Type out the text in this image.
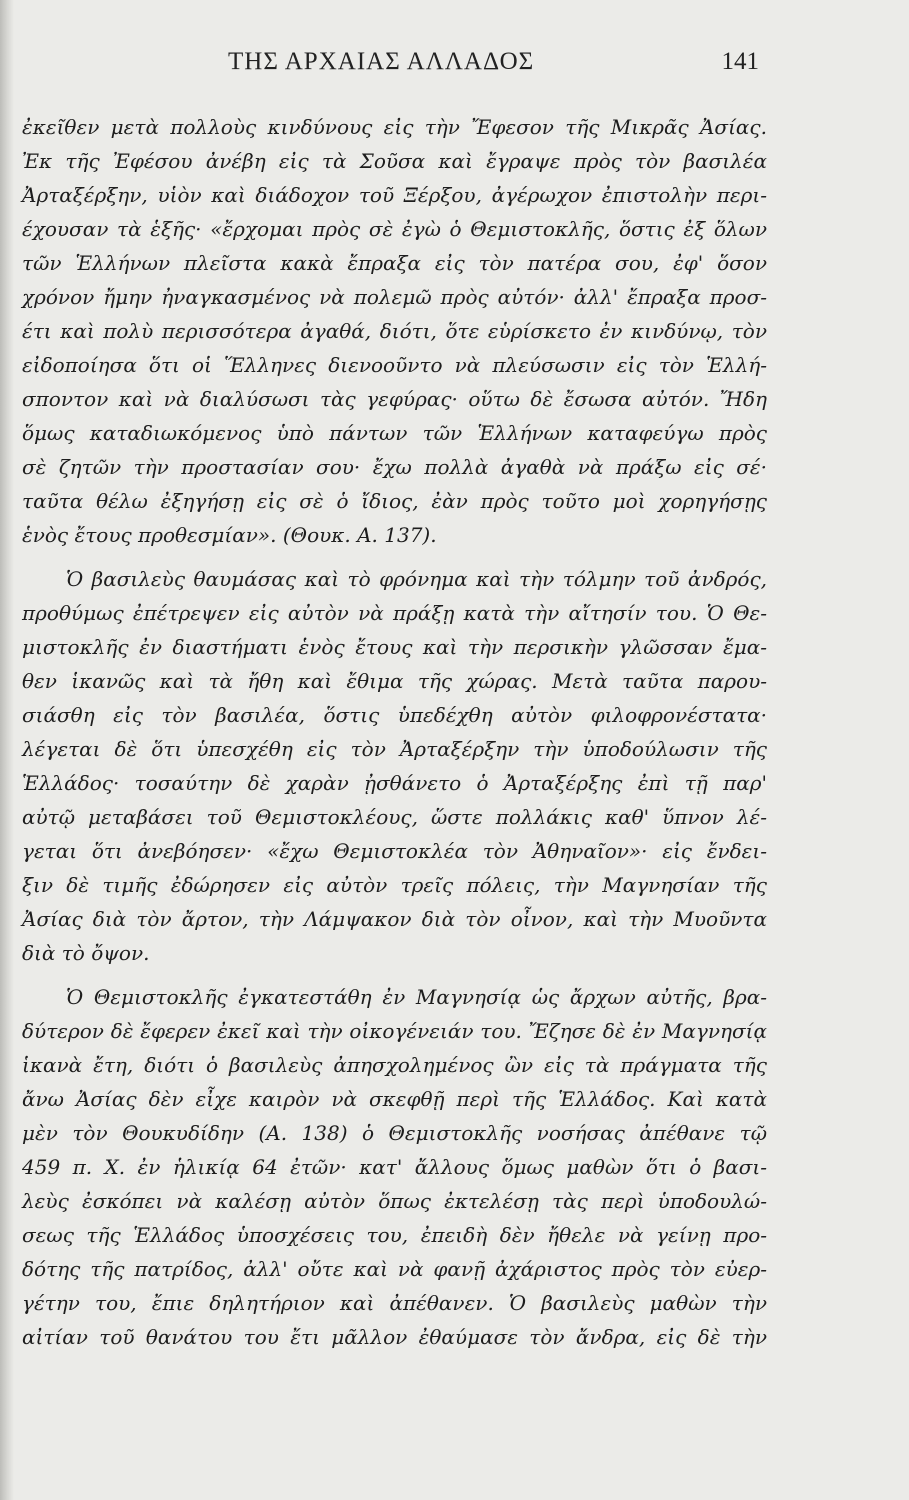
ΤΗΣ ΑΡΧΑΙΑΣ ΑΛΛΑΔΟΣ	141
ἐκεῖθεν μετὰ πολλοὺς κινδύνους εἰς τὴν Ἔφεσον τῆς Μικρᾶς Ἀσίας.
Ἐκ τῆς Ἐφέσου ἀνέβη εἰς τὰ Σοῦσα καὶ ἔγραψε πρὸς τὸν βασιλέα
Ἀρταξέρξην, υἱὸν καὶ διάδοχον τοῦ Ξέρξου, ἀγέρωχον ἐπιστολὴν περι-
έχουσαν τὰ ἑξῆς· «ἔρχομαι πρὸς σὲ ἐγὼ ὁ Θεμιστοκλῆς, ὅστις ἐξ ὅλων
τῶν Ἑλλήνων πλεῖστα κακὰ ἔπραξα εἰς τὸν πατέρα σου, ἐφ' ὅσον
χρόνον ἤμην ἠναγκασμένος νὰ πολεμῶ πρὸς αὐτόν· ἀλλ' ἔπραξα προσ-
έτι καὶ πολὺ περισσότερα ἀγαθά, διότι, ὅτε εὑρίσκετο ἐν κινδύνῳ, τὸν
εἰδοποίησα ὅτι οἱ Ἕλληνες διενοοῦντο νὰ πλεύσωσιν εἰς τὸν Ἑλλή-
σποντον καὶ νὰ διαλύσωσι τὰς γεφύρας· οὕτω δὲ ἔσωσα αὐτόν. Ἤδη
ὅμως καταδιωκόμενος ὑπὸ πάντων τῶν Ἑλλήνων καταφεύγω πρὸς
σὲ ζητῶν τὴν προστασίαν σου· ἔχω πολλὰ ἀγαθὰ νὰ πράξω εἰς σέ·
ταῦτα θέλω ἐξηγήσῃ εἰς σὲ ὁ ἴδιος, ἐὰν πρὸς τοῦτο μοὶ χορηγήσῃς
ἑνὸς ἔτους προθεσμίαν». (Θουκ. Α. 137).
Ὁ βασιλεὺς θαυμάσας καὶ τὸ φρόνημα καὶ τὴν τόλμην τοῦ ἀνδρός,
προθύμως ἐπέτρεψεν εἰς αὐτὸν νὰ πράξῃ κατὰ τὴν αἴτησίν του. Ὁ Θε-
μιστοκλῆς ἐν διαστήματι ἑνὸς ἔτους καὶ τὴν περσικὴν γλῶσσαν ἔμα-
θεν ἱκανῶς καὶ τὰ ἤθη καὶ ἔθιμα τῆς χώρας. Μετὰ ταῦτα παρου-
σιάσθη εἰς τὸν βασιλέα, ὅστις ὑπεδέχθη αὐτὸν φιλοφρονέστατα·
λέγεται δὲ ὅτι ὑπεσχέθη εἰς τὸν Ἀρταξέρξην τὴν ὑποδούλωσιν τῆς
Ἑλλάδος· τοσαύτην δὲ χαρὰν ᾐσθάνετο ὁ Ἀρταξέρξης ἐπὶ τῇ παρ'
αὐτῷ μεταβάσει τοῦ Θεμιστοκλέους, ὥστε πολλάκις καθ' ὕπνον λέ-
γεται ὅτι ἀνεβόησεν· «ἔχω Θεμιστοκλέα τὸν Ἀθηναῖον»· εἰς ἔνδει-
ξιν δὲ τιμῆς ἐδώρησεν εἰς αὐτὸν τρεῖς πόλεις, τὴν Μαγνησίαν τῆς
Ἀσίας διὰ τὸν ἄρτον, τὴν Λάμψακον διὰ τὸν οἶνον, καὶ τὴν Μυοῦντα
διὰ τὸ ὄψον.
Ὁ Θεμιστοκλῆς ἐγκατεστάθη ἐν Μαγνησίᾳ ὡς ἄρχων αὐτῆς, βρα-
δύτερον δὲ ἔφερεν ἐκεῖ καὶ τὴν οἰκογένειάν του. Ἔζησε δὲ ἐν Μαγνησίᾳ
ἱκανὰ ἔτη, διότι ὁ βασιλεὺς ἀπησχολημένος ὢν εἰς τὰ πράγματα τῆς
ἄνω Ἀσίας δὲν εἶχε καιρὸν νὰ σκεφθῇ περὶ τῆς Ἑλλάδος. Καὶ κατὰ
μὲν τὸν Θουκυδίδην (Α. 138) ὁ Θεμιστοκλῆς νοσήσας ἀπέθανε τῷ
459 π. Χ. ἐν ἡλικίᾳ 64 ἐτῶν· κατ' ἄλλους ὅμως μαθὼν ὅτι ὁ βασι-
λεὺς ἐσκόπει νὰ καλέσῃ αὐτὸν ὅπως ἐκτελέσῃ τὰς περὶ ὑποδουλώ-
σεως τῆς Ἑλλάδος ὑποσχέσεις του, ἐπειδὴ δὲν ἤθελε νὰ γείνῃ προ-
δότης τῆς πατρίδος, ἀλλ' οὔτε καὶ νὰ φανῇ ἀχάριστος πρὸς τὸν εὐερ-
γέτην του, ἔπιε δηλητήριον καὶ ἀπέθανεν. Ὁ βασιλεὺς μαθὼν τὴν
αἰτίαν τοῦ θανάτου του ἔτι μᾶλλον ἐθαύμασε τὸν ἄνδρα, εἰς δὲ τὴν
